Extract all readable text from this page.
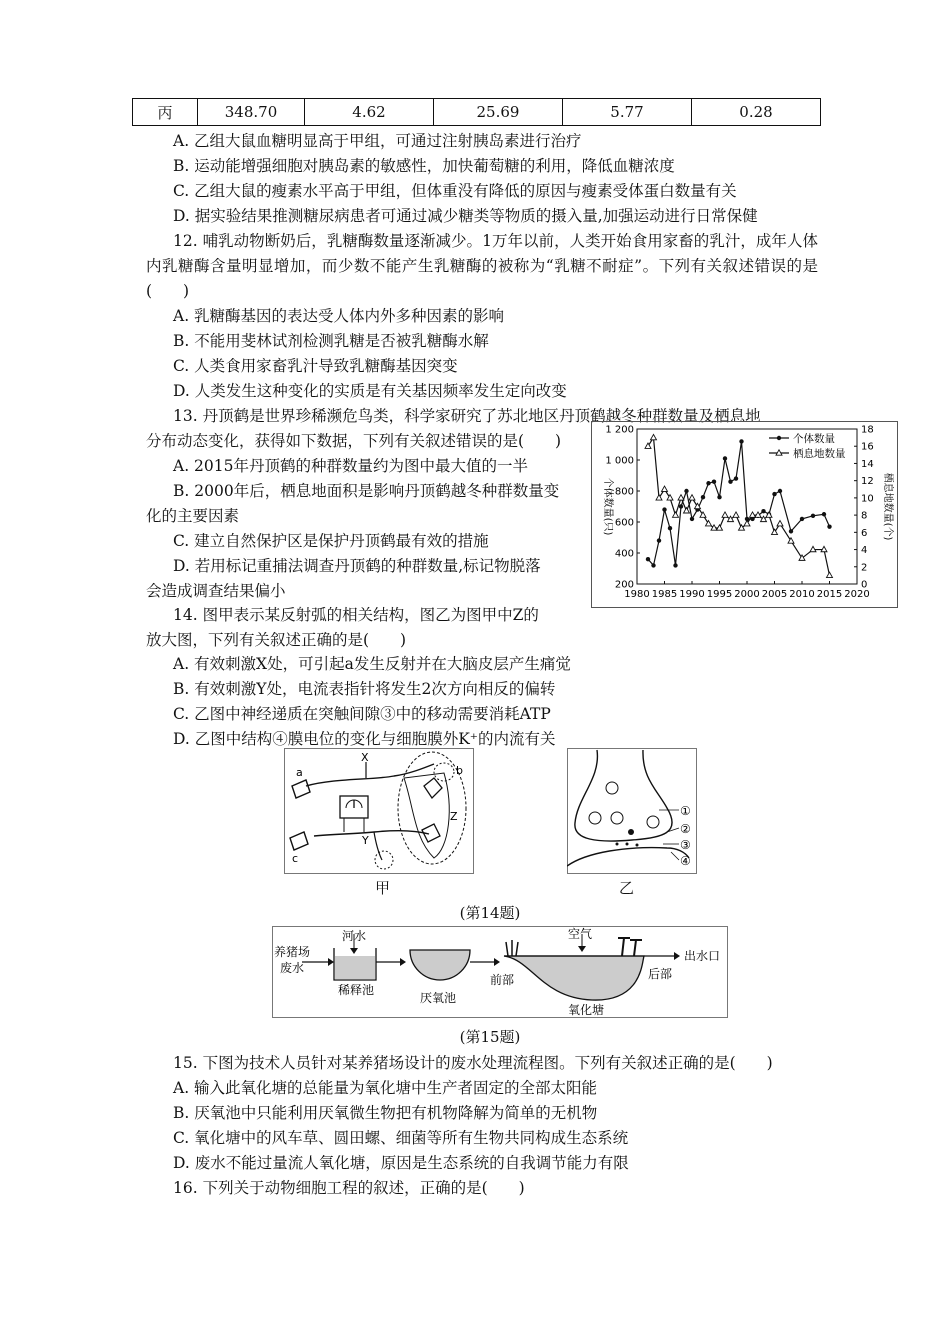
丙	348.70	4.62	25.69	5.77	0.28
A. 乙组大鼠血糖明显高于甲组，可通过注射胰岛素进行治疗
B. 运动能增强细胞对胰岛素的敏感性，加快葡萄糖的利用，降低血糖浓度
C. 乙组大鼠的瘦素水平高于甲组，但体重没有降低的原因与瘦素受体蛋白数量有关
D. 据实验结果推测糖尿病患者可通过减少糖类等物质的摄入量,加强运动进行日常保健
12. 哺乳动物断奶后，乳糖酶数量逐渐减少。1万年以前，人类开始食用家畜的乳汁，成年人体内乳糖酶含量明显增加，而少数不能产生乳糖酶的被称为“乳糖不耐症”。下列有关叙述错误的是(　　)
A. 乳糖酶基因的表达受人体内外多种因素的影响
B. 不能用斐林试剂检测乳糖是否被乳糖酶水解
C. 人类食用家畜乳汁导致乳糖酶基因突变
D. 人类发生这种变化的实质是有关基因频率发生定向改变
13. 丹顶鹤是世界珍稀濒危鸟类，科学家研究了苏北地区丹顶鹤越冬种群数量及栖息地
分布动态变化，获得如下数据，下列有关叙述错误的是(　　)
A. 2015年丹顶鹤的种群数量约为图中最大值的一半
B. 2000年后，栖息地面积是影响丹顶鹤越冬种群数量变
化的主要因素
C. 建立自然保护区是保护丹顶鹤最有效的措施
D. 若用标记重捕法调查丹顶鹤的种群数量,标记物脱落
会造成调查结果偏小	1980 1985 1990 1995 2000 2005 2010 2015 2020
200
400
600
800
1 000
1 200
0
2
4
6
8
10
12
14
16
18
个体数量(只)	栖息地数量(个)
个体数量
栖息地数量
14. 图甲表示某反射弧的相关结构，图乙为图甲中Z的
放大图，下列有关叙述正确的是(　　)
A. 有效刺激X处，可引起a发生反射并在大脑皮层产生痛觉
B. 有效刺激Y处，电流表指针将发生2次方向相反的偏转
C. 乙图中神经递质在突触间隙③中的移动需要消耗ATP
D. 乙图中结构④膜电位的变化与细胞膜外K⁺的内流有关
X
a	b
Y
c
Z
甲
①
②
③
④
乙
(第14题)
养猪场
废水
河水
稀释池
厌氧池
前部
空气
氧化塘
后部
出水口
(第15题)
15. 下图为技术人员针对某养猪场设计的废水处理流程图。下列有关叙述正确的是(　　)
A. 输入此氧化塘的总能量为氧化塘中生产者固定的全部太阳能
B. 厌氧池中只能利用厌氧微生物把有机物降解为简单的无机物
C. 氧化塘中的风车草、圆田螺、细菌等所有生物共同构成生态系统
D. 废水不能过量流人氧化塘，原因是生态系统的自我调节能力有限
16. 下列关于动物细胞工程的叙述，正确的是(　　)
